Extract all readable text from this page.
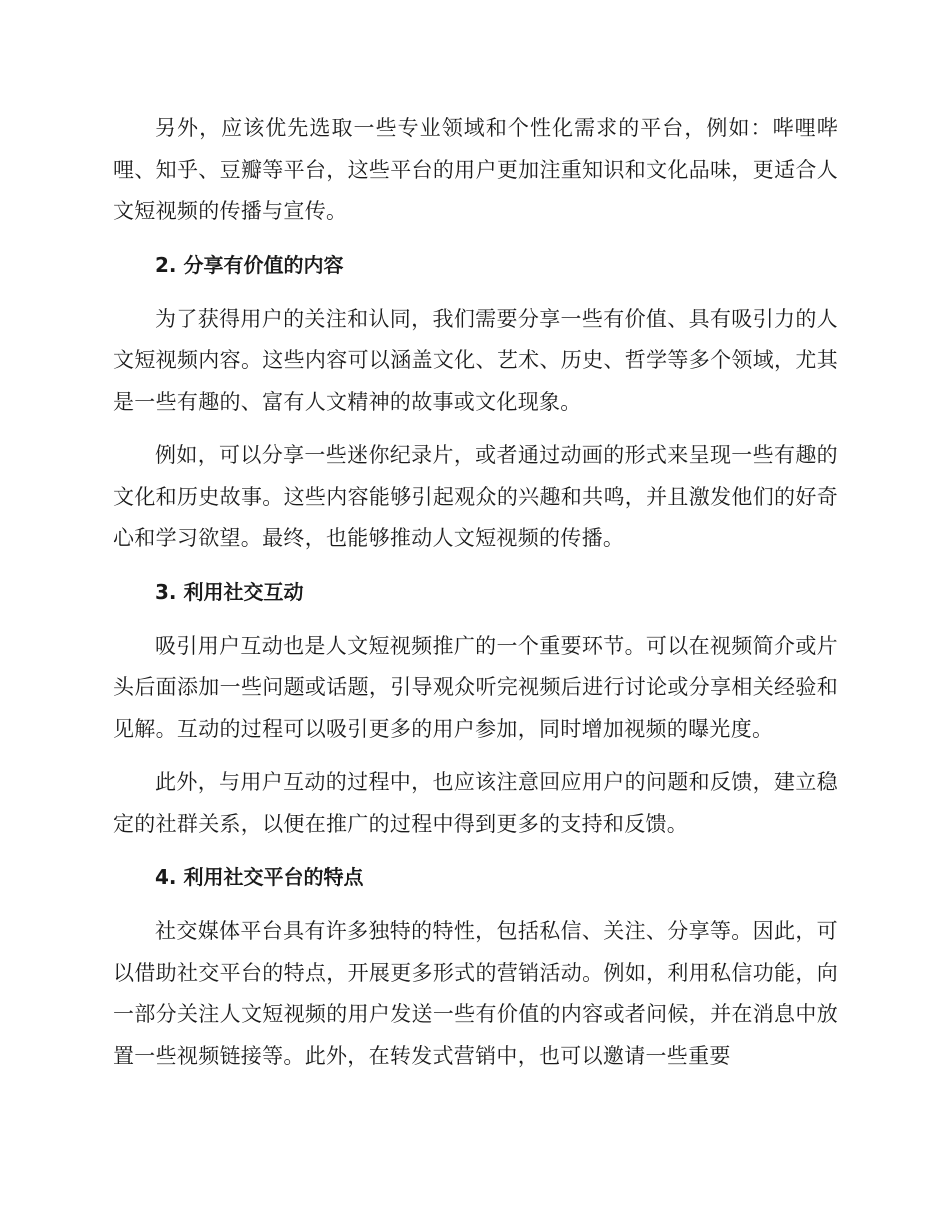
另外，应该优先选取一些专业领域和个性化需求的平台，例如：哔哩哔哩、知乎、豆瓣等平台，这些平台的用户更加注重知识和文化品味，更适合人文短视频的传播与宣传。

2. 分享有价值的内容

为了获得用户的关注和认同，我们需要分享一些有价值、具有吸引力的人文短视频内容。这些内容可以涵盖文化、艺术、历史、哲学等多个领域，尤其是一些有趣的、富有人文精神的故事或文化现象。

例如，可以分享一些迷你纪录片，或者通过动画的形式来呈现一些有趣的文化和历史故事。这些内容能够引起观众的兴趣和共鸣，并且激发他们的好奇心和学习欲望。最终，也能够推动人文短视频的传播。

3. 利用社交互动

吸引用户互动也是人文短视频推广的一个重要环节。可以在视频简介或片头后面添加一些问题或话题，引导观众听完视频后进行讨论或分享相关经验和见解。互动的过程可以吸引更多的用户参加，同时增加视频的曝光度。

此外，与用户互动的过程中，也应该注意回应用户的问题和反馈，建立稳定的社群关系，以便在推广的过程中得到更多的支持和反馈。

4. 利用社交平台的特点

社交媒体平台具有许多独特的特性，包括私信、关注、分享等。因此，可以借助社交平台的特点，开展更多形式的营销活动。例如，利用私信功能，向一部分关注人文短视频的用户发送一些有价值的内容或者问候，并在消息中放置一些视频链接等。此外，在转发式营销中，也可以邀请一些重要
